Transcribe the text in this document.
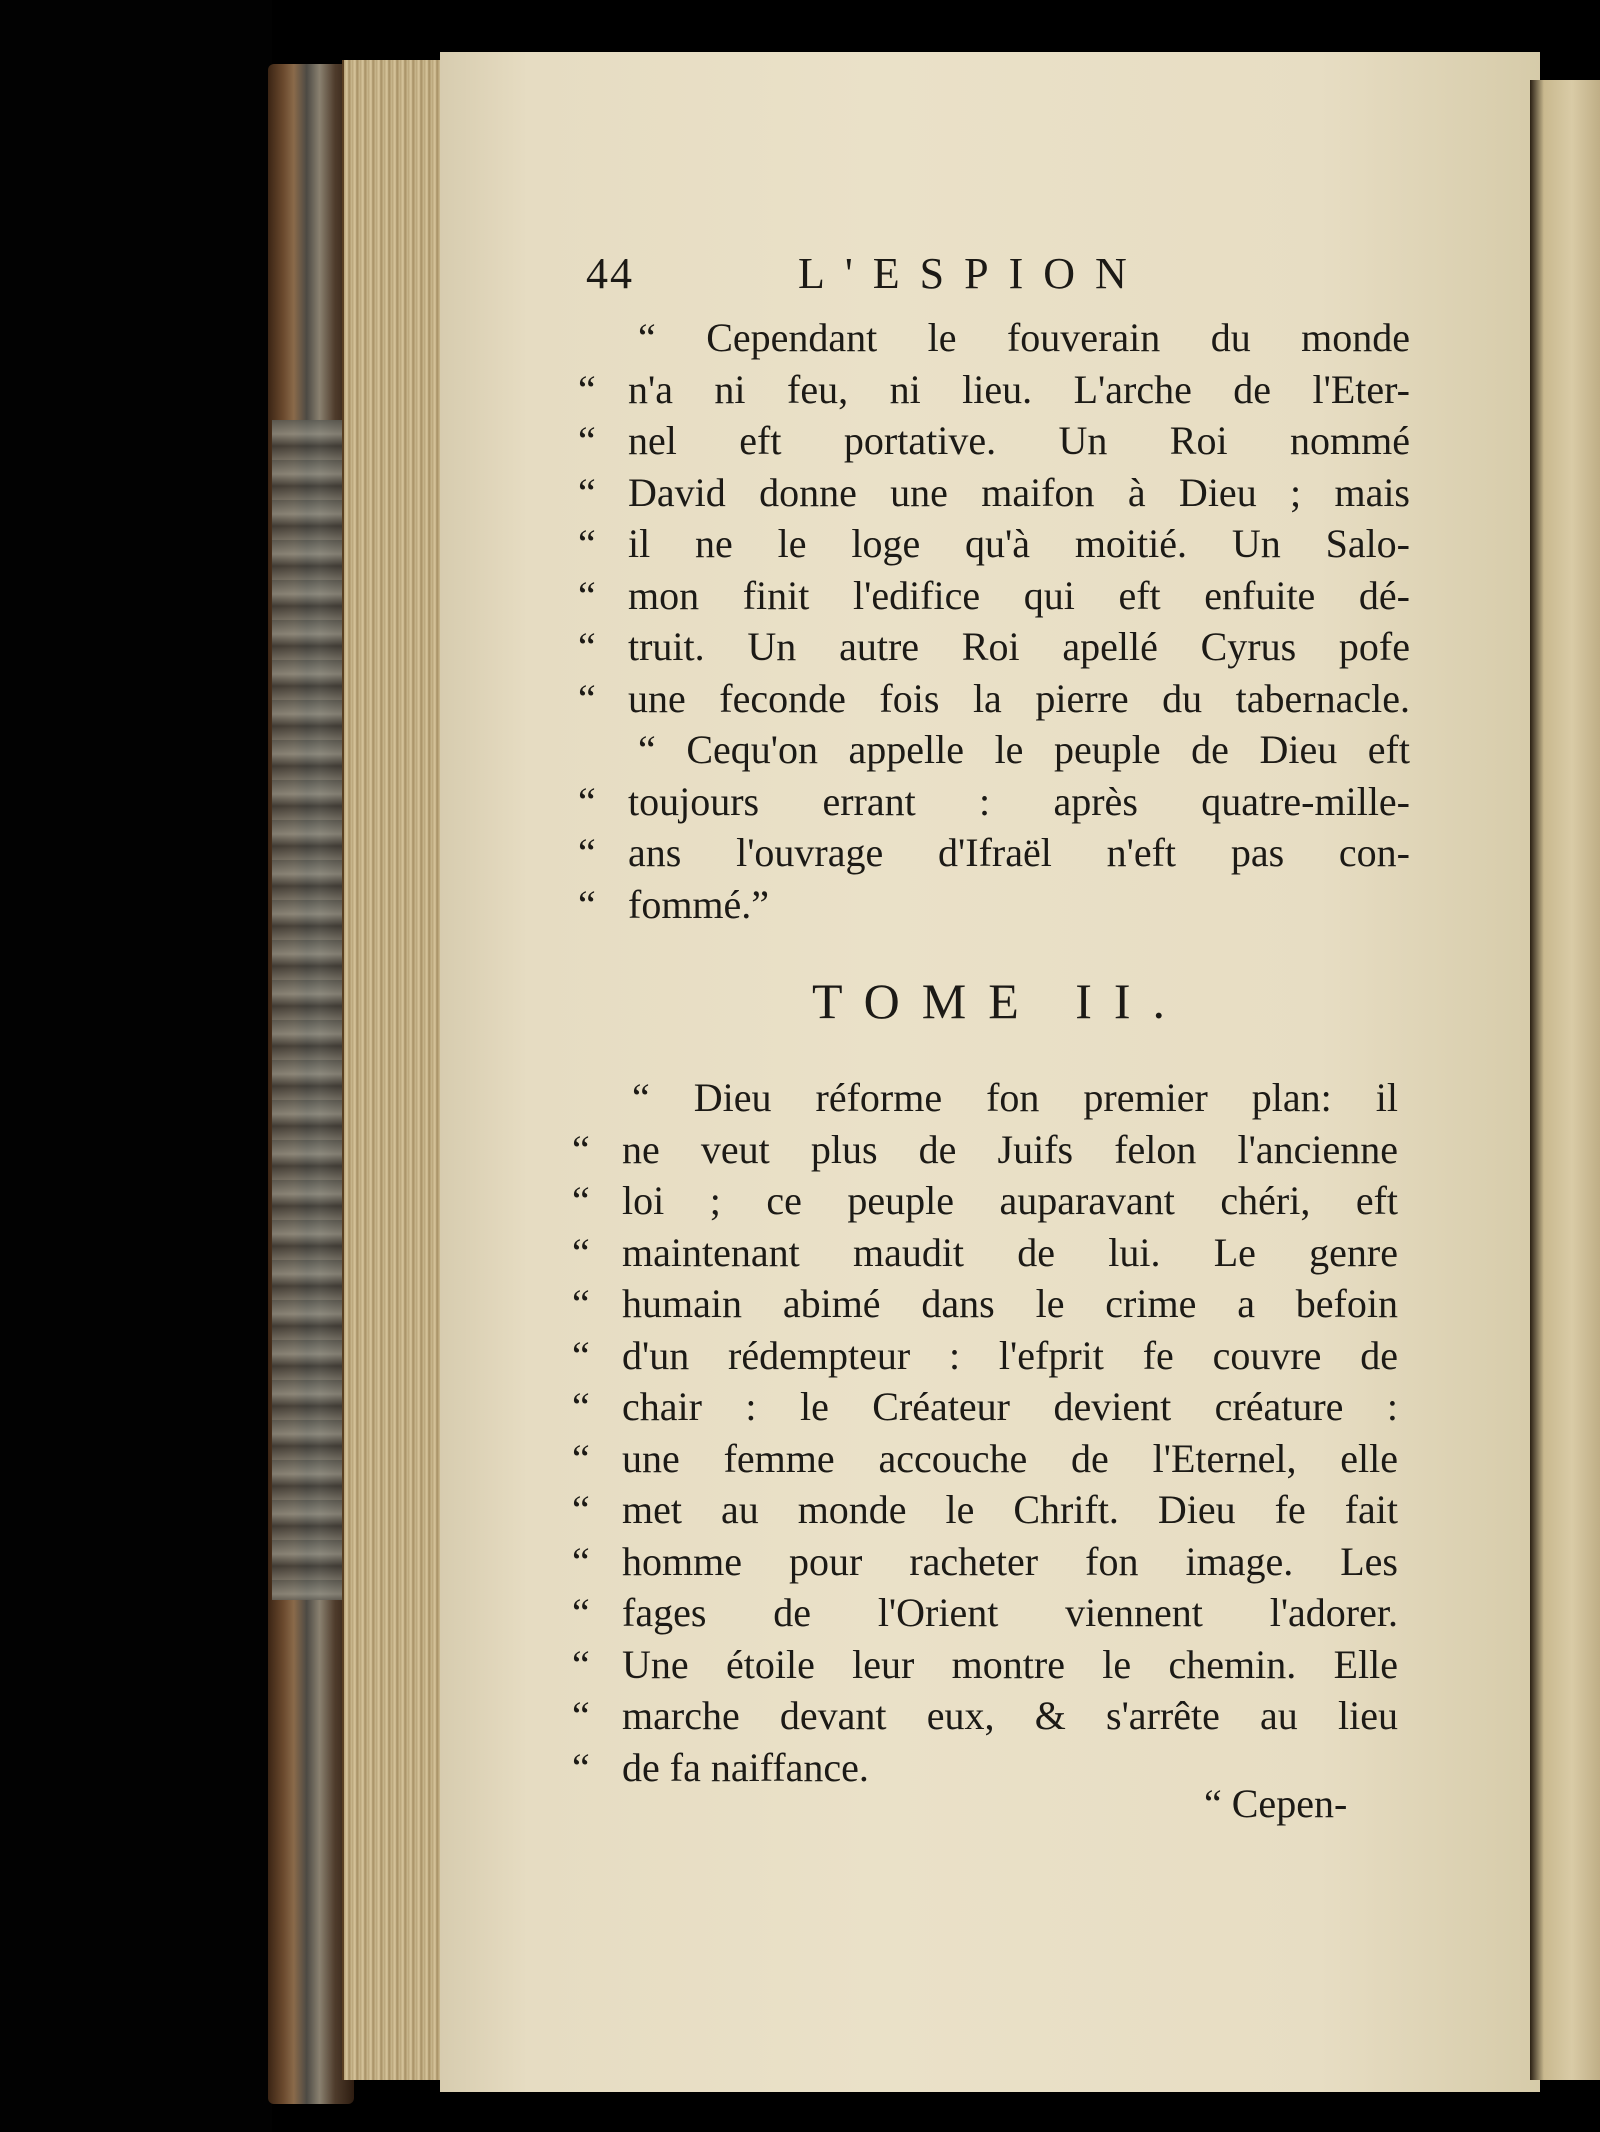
44	L'ESPION
“ Cependant le fouverain du monde
“ n'a ni feu, ni lieu. L'arche de l'Eter-
“ nel eft portative. Un Roi nommé
“ David donne une maifon à Dieu ; mais
“ il ne le loge qu'à moitié. Un Salo-
“ mon finit l'edifice qui eft enfuite dé-
“ truit. Un autre Roi apellé Cyrus pofe
“ une feconde fois la pierre du tabernacle.
“ Cequ'on appelle le peuple de Dieu eft
“ toujours errant : après quatre-mille-
“ ans l'ouvrage d'Ifraël n'eft pas con-
“ fommé.”
TOME II.
“ Dieu réforme fon premier plan: il
“ ne veut plus de Juifs felon l'ancienne
“ loi ; ce peuple auparavant chéri, eft
“ maintenant maudit de lui. Le genre
“ humain abimé dans le crime a befoin
“ d'un rédempteur : l'efprit fe couvre de
“ chair : le Créateur devient créature :
“ une femme accouche de l'Eternel, elle
“ met au monde le Chrift. Dieu fe fait
“ homme pour racheter fon image. Les
“ fages de l'Orient viennent l'adorer.
“ Une étoile leur montre le chemin. Elle
“ marche devant eux, & s'arrête au lieu
“ de fa naiffance.
“ Cepen-
